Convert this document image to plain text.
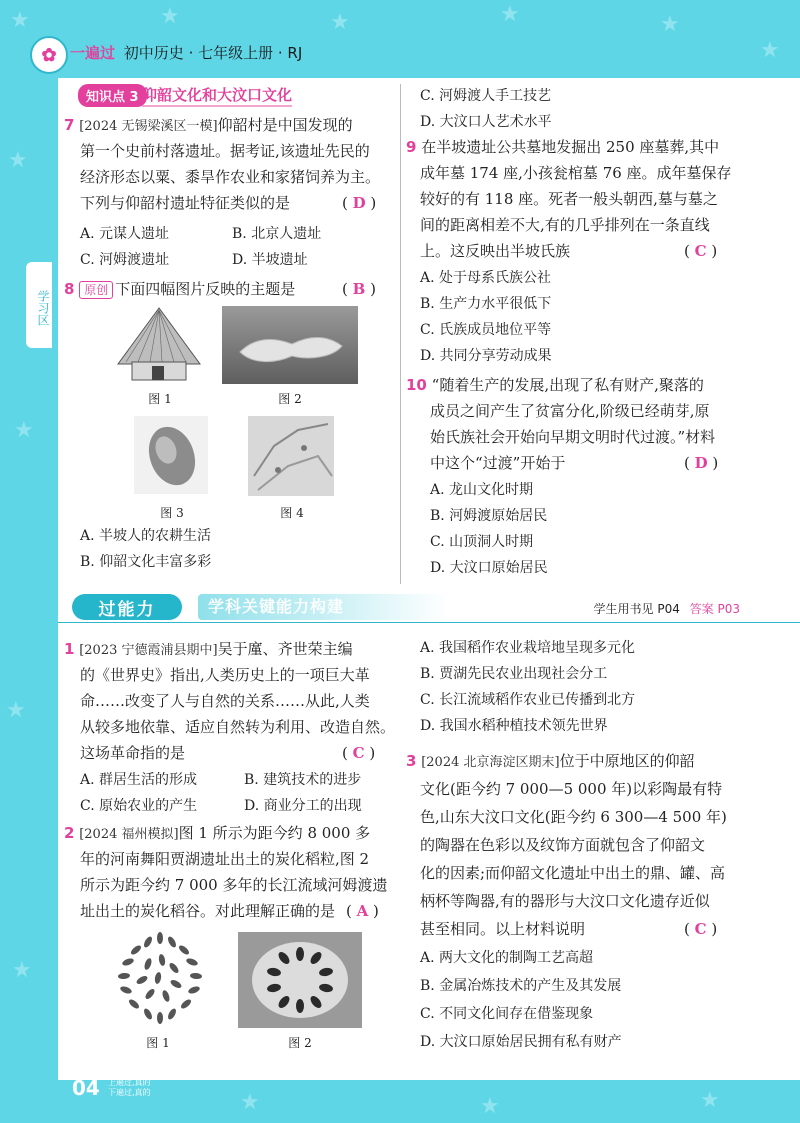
★	★	★	★	★
★
★
★
★
★
★	★	★
✿ 一遍过 初中历史 · 七年级上册 · RJ
学习区
知识点 3 仰韶文化和大汶口文化
7 [2024 无锡梁溪区一模]仰韶村是中国发现的
第一个史前村落遗址。据考证,该遗址先民的
经济形态以粟、黍旱作农业和家猪饲养为主。
下列与仰韶村遗址特征类似的是	( D )
A. 元谋人遗址	B. 北京人遗址
C. 河姆渡遗址	D. 半坡遗址
8 原创 下面四幅图片反映的主题是	( B )
图 1	图 2
图 3	图 4
A. 半坡人的农耕生活
B. 仰韶文化丰富多彩
C. 河姆渡人手工技艺
D. 大汶口人艺术水平
9 在半坡遗址公共墓地发掘出 250 座墓葬,其中
成年墓 174 座,小孩瓮棺墓 76 座。成年墓保存
较好的有 118 座。死者一般头朝西,墓与墓之
间的距离相差不大,有的几乎排列在一条直线
上。这反映出半坡氏族	( C )
A. 处于母系氏族公社
B. 生产力水平很低下
C. 氏族成员地位平等
D. 共同分享劳动成果
10 “随着生产的发展,出现了私有财产,聚落的
成员之间产生了贫富分化,阶级已经萌芽,原
始氏族社会开始向早期文明时代过渡。”材料
中这个“过渡”开始于	( D )
A. 龙山文化时期
B. 河姆渡原始居民
C. 山顶洞人时期
D. 大汶口原始居民
过能力	学科关键能力构建	学生用书见 P04 答案 P03
1 [2023 宁德霞浦县期中]吴于廑、齐世荣主编
的《世界史》指出,人类历史上的一项巨大革
命……改变了人与自然的关系……从此,人类
从较多地依靠、适应自然转为利用、改造自然。
这场革命指的是	( C )
A. 群居生活的形成	B. 建筑技术的进步
C. 原始农业的产生	D. 商业分工的出现
2 [2024 福州模拟]图 1 所示为距今约 8 000 多
年的河南舞阳贾湖遗址出土的炭化稻粒,图 2
所示为距今约 7 000 多年的长江流域河姆渡遗
址出土的炭化稻谷。对此理解正确的是 ( A )
图 1	图 2
A. 我国稻作农业栽培地呈现多元化
B. 贾湖先民农业出现社会分工
C. 长江流域稻作农业已传播到北方
D. 我国水稻种植技术领先世界
3 [2024 北京海淀区期末]位于中原地区的仰韶
文化(距今约 7 000—5 000 年)以彩陶最有特
色,山东大汶口文化(距今约 6 300—4 500 年)
的陶器在色彩以及纹饰方面就包含了仰韶文
化的因素;而仰韶文化遗址中出土的鼎、罐、高
柄杯等陶器,有的器形与大汶口文化遗存近似
甚至相同。以上材料说明	( C )
A. 两大文化的制陶工艺高超
B. 金属冶炼技术的产生及其发展
C. 不同文化间存在借鉴现象
D. 大汶口原始居民拥有私有财产
04 上遍过,真的
下遍过,真的
